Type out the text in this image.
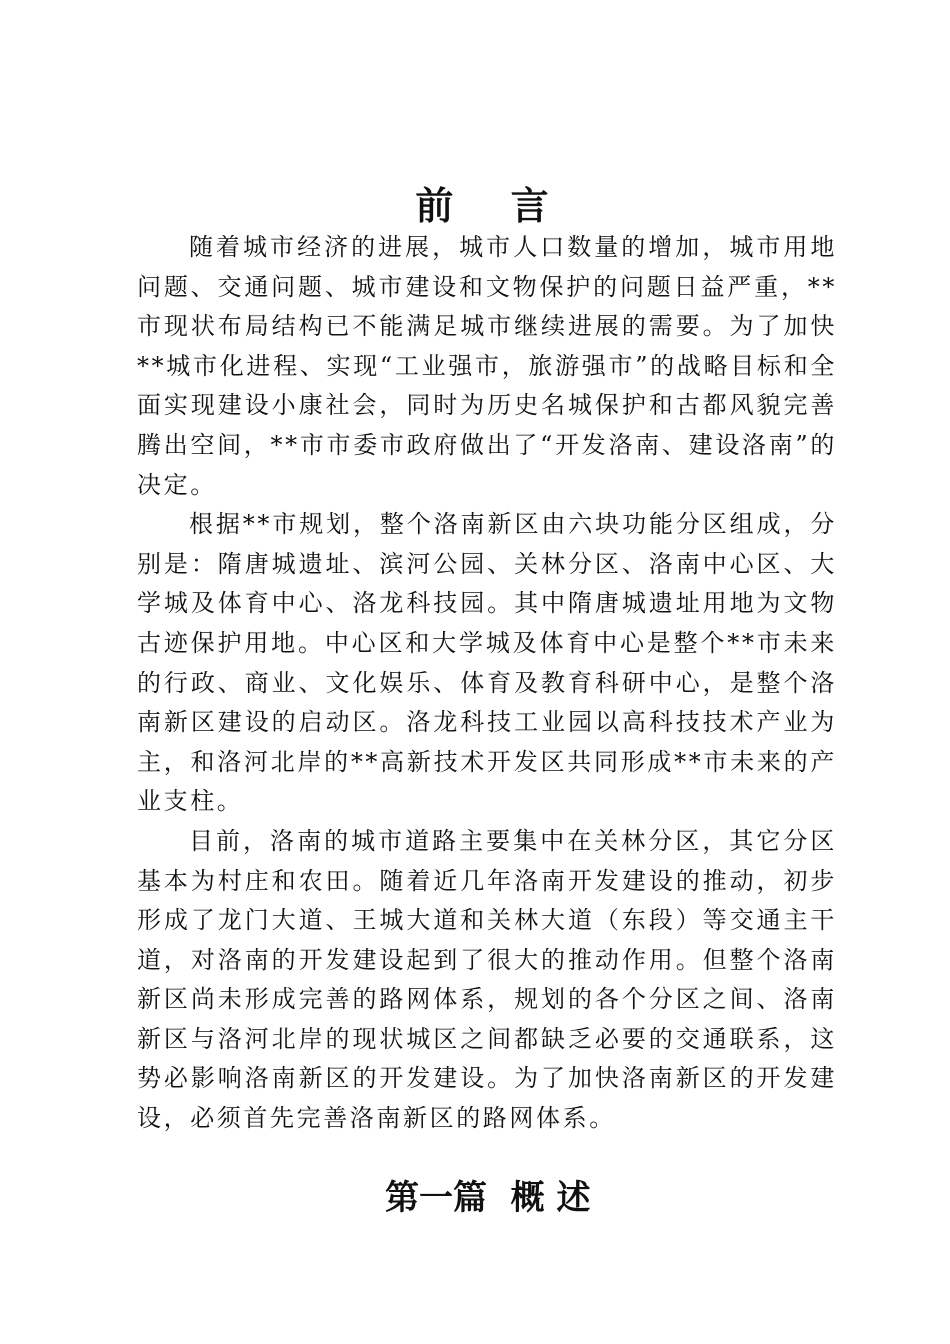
前 言

随着城市经济的进展，城市人口数量的增加，城市用地问题、交通问题、城市建设和文物保护的问题日益严重，**市现状布局结构已不能满足城市继续进展的需要。为了加快**城市化进程、实现“工业强市，旅游强市”的战略目标和全面实现建设小康社会，同时为历史名城保护和古都风貌完善腾出空间，**市市委市政府做出了“开发洛南、建设洛南”的决定。

根据**市规划，整个洛南新区由六块功能分区组成，分别是：隋唐城遗址、滨河公园、关林分区、洛南中心区、大学城及体育中心、洛龙科技园。其中隋唐城遗址用地为文物古迹保护用地。中心区和大学城及体育中心是整个**市未来的行政、商业、文化娱乐、体育及教育科研中心，是整个洛南新区建设的启动区。洛龙科技工业园以高科技技术产业为主，和洛河北岸的**高新技术开发区共同形成**市未来的产业支柱。

目前，洛南的城市道路主要集中在关林分区，其它分区基本为村庄和农田。随着近几年洛南开发建设的推动，初步形成了龙门大道、王城大道和关林大道（东段）等交通主干道，对洛南的开发建设起到了很大的推动作用。但整个洛南新区尚未形成完善的路网体系，规划的各个分区之间、洛南新区与洛河北岸的现状城区之间都缺乏必要的交通联系，这势必影响洛南新区的开发建设。为了加快洛南新区的开发建设，必须首先完善洛南新区的路网体系。

第一篇  概 述
